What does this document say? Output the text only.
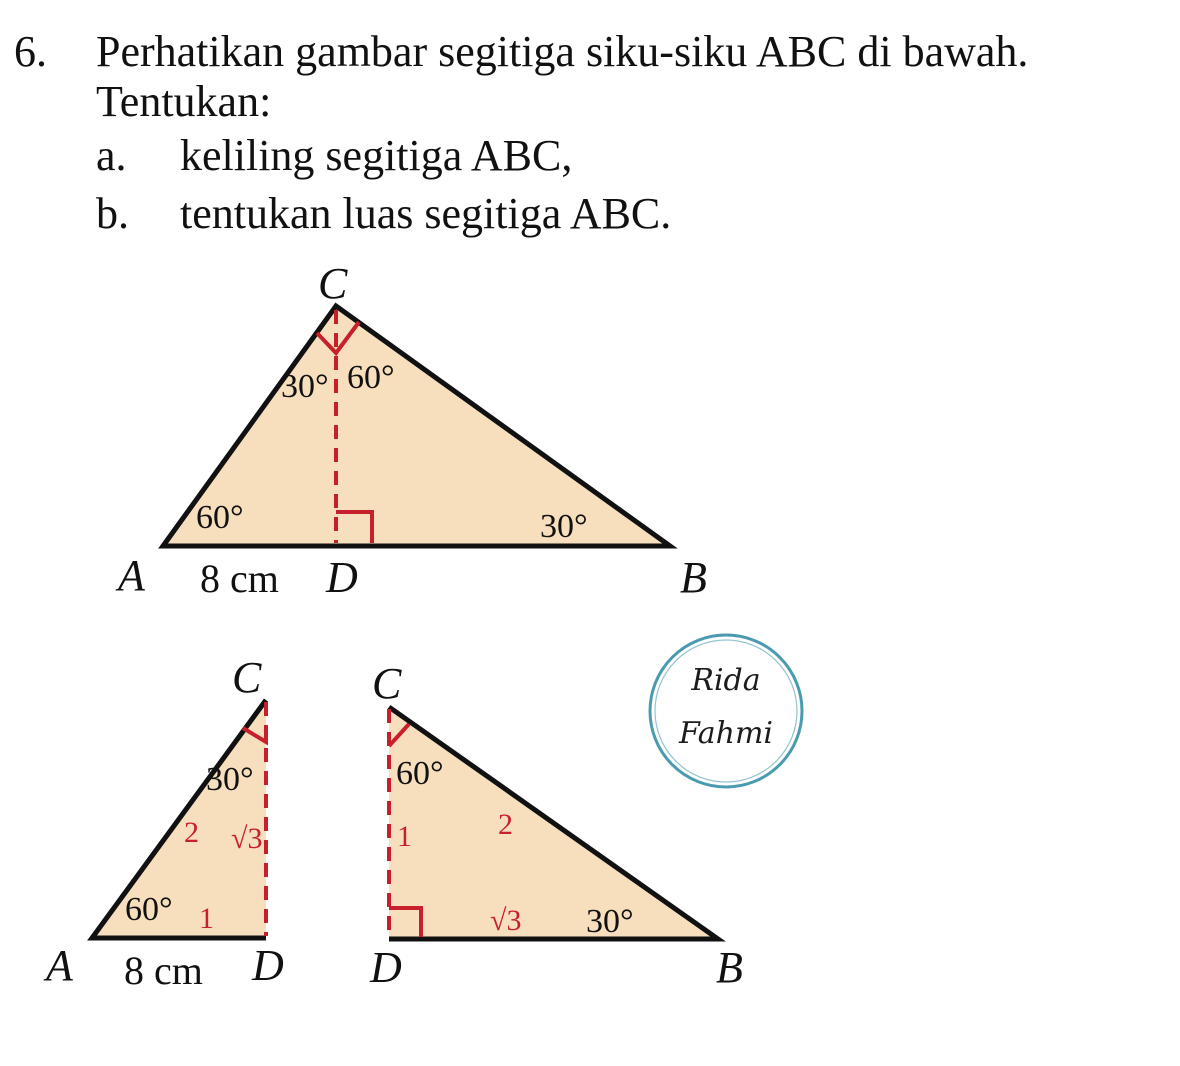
6. Perhatikan gambar segitiga siku-siku ABC di bawah.
Tentukan:
a. keliling segitiga ABC,
b. tentukan luas segitiga ABC.
C
A	D	B
8 cm
60°
30° 60°
30°
C
A	D
8 cm
30°
60°
2 √3
1
C
D	B
60°
30°
1	2
√3
Rida
Fahmi
